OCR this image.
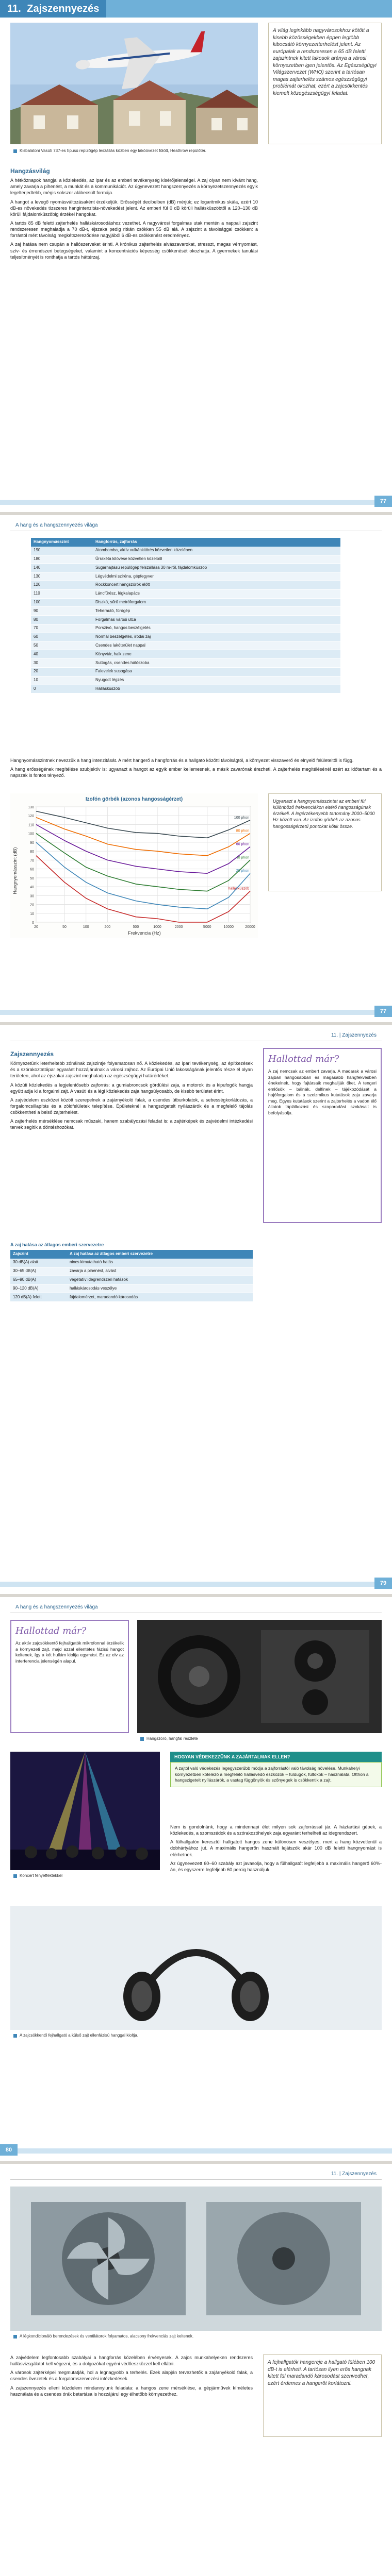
11. Zajszennyezés
Kisbalatoni Vasúti 737-es típusú repülőgép leszállás közben egy lakóövezet fölött, Heathrow repülőtér.
A világ leginkább nagyvárosokhoz kötött a kisebb közösségekben éppen legtöbb kibocsátó környezetterhelést jelent. Az európaiak a rendszeresen a 65 dB feletti zajszintnek kitett lakosok aránya a városi környezetben igen jelentős. Az Egészségügyi Világszervezet (WHO) szerint a tartósan magas zajterhelés számos egészségügyi problémát okozhat, ezért a zajcsökkentés kiemelt közegészségügyi feladat.
Hangzásvilág

A hétköznapok hangjai a közlekedés, az ipar és az emberi tevékenység kísérőjelenségei. A zaj olyan nem kívánt hang, amely zavarja a pihenést, a munkát és a kommunikációt. Az úgynevezett hangszennyezés a környezetszennyezés egyik legelterjedtebb, mégis sokszor alábecsült formája.

A hangot a levegő nyomásváltozásaként érzékeljük. Erősségét decibelben (dB) mérjük; ez logaritmikus skála, ezért 10 dB-es növekedés tízszeres hangintenzitás-növekedést jelent. Az emberi fül 0 dB körüli hallásküszöbtől a 120–130 dB körüli fájdalomküszöbig érzékel hangokat.

A tartós 85 dB feletti zajterhelés halláskárosodáshoz vezethet. A nagyvárosi forgalmas utak mentén a nappali zajszint rendszeresen meghaladja a 70 dB-t, éjszaka pedig ritkán csökken 55 dB alá. A zajszint a távolsággal csökken: a forrástól mért távolság megkétszereződése nagyjából 6 dB-es csökkenést eredményez.

A zaj hatása nem csupán a hallószerveket érinti. A krónikus zajterhelés alvászavarokat, stresszt, magas vérnyomást, szív- és érrendszeri betegségeket, valamint a koncentrációs képesség csökkenését okozhatja. A gyermekek tanulási teljesítményét is ronthatja a tartós háttérzaj.

77
A hang és a hangszennyezés világa
Hangnyomásszint	Hangforrás, zajforrás
190	Atombomba, aktív vulkánkitörés közvetlen közelében
180	Űrrakéta kilövése közvetlen közelből
140	Sugárhajtású repülőgép felszállása 30 m-ről, fájdalomküszöb
130	Légvédelmi sziréna, gépfegyver
120	Rockkoncert hangszórók előtt
110	Láncfűrész, légkalapács
100	Diszkó, sűrű metróforgalom
90	Teherautó, fúrógép
80	Forgalmas városi utca
70	Porszívó, hangos beszélgetés
60	Normál beszélgetés, irodai zaj
50	Csendes lakóterület nappal
40	Könyvtár, halk zene
30	Suttogás, csendes hálószoba
20	Falevelek susogása
10	Nyugodt légzés
0	Hallásküszöb

Hangnyomásszintnek nevezzük a hang intenzitását. A mért hangerő a hangforrás és a hallgató közötti távolságtól, a környezet visszaverő és elnyelő felületeitől is függ.

A hang erősségének megítélése szubjektív is: ugyanazt a hangot az egyik ember kellemesnek, a másik zavarónak érezheti. A zajterhelés megítélésénél ezért az időtartam és a napszak is fontos tényező.

Izofón görbék (azonos hangosságérzet)
Hangnyomásszint (dB)
Frekvencia (Hz)
0
10
20
30
40
50
60
70
80
90
100
110
120
130
20	50	100	200	500	1000	2000	5000	10000	20000
hallásküszöb
20 phon
40 phon
60 phon
80 phon
100 phon
Ugyanazt a hangnyomásszintet az emberi fül különböző frekvenciákon eltérő hangosságúnak érzékeli. A legérzékenyebb tartomány 2000–5000 Hz között van. Az izofón görbék az azonos hangosságérzetű pontokat kötik össze.
77
11. | Zajszennyezés
Zajszennyezés

Környezetünk leterheltebb zónáinak zajszintje folyamatosan nő. A közlekedés, az ipari tevékenység, az építkezések és a szórakoztatóipar egyaránt hozzájárulnak a városi zajhoz. Az Európai Unió lakosságának jelentős része él olyan területen, ahol az éjszakai zajszint meghaladja az egészségügyi határértéket.

A közúti közlekedés a legjelentősebb zajforrás: a gumiabroncsok gördülési zaja, a motorok és a kipufogók hangja együtt adja ki a forgalmi zajt. A vasúti és a légi közlekedés zaja hangsúlyosabb, de kisebb területet érint.

A zajvédelem eszközei között szerepelnek a zajárnyékoló falak, a csendes útburkolatok, a sebességkorlátozás, a forgalomcsillapítás és a zöldfelületek telepítése. Épületeknél a hangszigetelt nyílászárók és a megfelelő tájolás csökkentheti a belső zajterhelést.

A zajterhelés mérséklése nemcsak műszaki, hanem szabályozási feladat is: a zajtérképek és zajvédelmi intézkedési tervek segítik a döntéshozókat.

Hallottad már?

A zaj nemcsak az embert zavarja. A madarak a városi zajban hangosabban és magasabb hangfekvésben énekelnek, hogy fajtársaik meghallják őket. A tengeri emlősök – bálnák, delfinek – tájékozódását a hajóforgalom és a szeizmikus kutatások zaja zavarja meg. Egyes kutatások szerint a zajterhelés a vadon élő állatok táplálkozási és szaporodási szokásait is befolyásolja.

A zaj hatása az átlagos emberi szervezetre
Zajszint	A zaj hatása az átlagos emberi szervezetre
30 dB(A) alatt	nincs kimutatható hatás
30–65 dB(A)	zavarja a pihenést, alvást
65–90 dB(A)	vegetatív idegrendszeri hatások
90–120 dB(A)	halláskárosodás veszélye
120 dB(A) felett	fájdalomérzet, maradandó károsodás
79
A hang és a hangszennyezés világa
Hallottad már?

Az aktív zajcsökkentő fejhallgatók mikrofonnal érzékelik a környezeti zajt, majd azzal ellentétes fázisú hangot keltenek, így a két hullám kioltja egymást. Ez az elv az interferencia jelenségén alapul.

Hangszóró, hangfal részlete
Koncert fényeffektekkel
HOGYAN VÉDEKEZZÜNK A ZAJÁRTALMAK ELLEN?
A zajtól való védekezés legegyszerűbb módja a zajforrástól való távolság növelése. Munkahelyi környezetben kötelező a megfelelő hallásvédő eszközök – füldugók, fültokok – használata. Otthon a hangszigetelt nyílászárók, a vastag függönyök és szőnyegek is csökkentik a zajt.

Nem is gondolnánk, hogy a mindennapi élet milyen sok zajforrással jár. A háztartási gépek, a közlekedés, a szomszédok és a szórakozóhelyek zaja egyaránt terhelheti az idegrendszert.

A fülhallgatón keresztül hallgatott hangos zene különösen veszélyes, mert a hang közvetlenül a dobhártyához jut. A maximális hangerőn használt lejátszók akár 100 dB feletti hangnyomást is elérhetnek.

Az úgynevezett 60–60 szabály azt javasolja, hogy a fülhallgatót legfeljebb a maximális hangerő 60%-án, és egyszerre legfeljebb 60 percig használjuk.

A zajcsökkentő fejhallgató a külső zajt ellenfázisú hanggal kioltja.
80
11. | Zajszennyezés
A légkondicionáló berendezések és ventilátorok folyamatos, alacsony frekvenciás zajt keltenek.

A zajvédelem legfontosabb szabályai a hangforrás közelében érvényesek. A zajos munkahelyeken rendszeres hallásvizsgálatot kell végezni, és a dolgozókat egyéni védőeszközzel kell ellátni.

A városok zajtérképei megmutatják, hol a legnagyobb a terhelés. Ezek alapján tervezhetők a zajárnyékoló falak, a csendes övezetek és a forgalomszervezési intézkedések.

A zajszennyezés elleni küzdelem mindannyiunk feladata: a hangos zene mérséklése, a gépjárművek kíméletes használata és a csendes órák betartása is hozzájárul egy élhetőbb környezethez.

A fejhallgatók hangereje a hallgató fülében 100 dB-t is elérheti. A tartósan ilyen erős hangnak kitett fül maradandó károsodást szenvedhet, ezért érdemes a hangerőt korlátozni.
